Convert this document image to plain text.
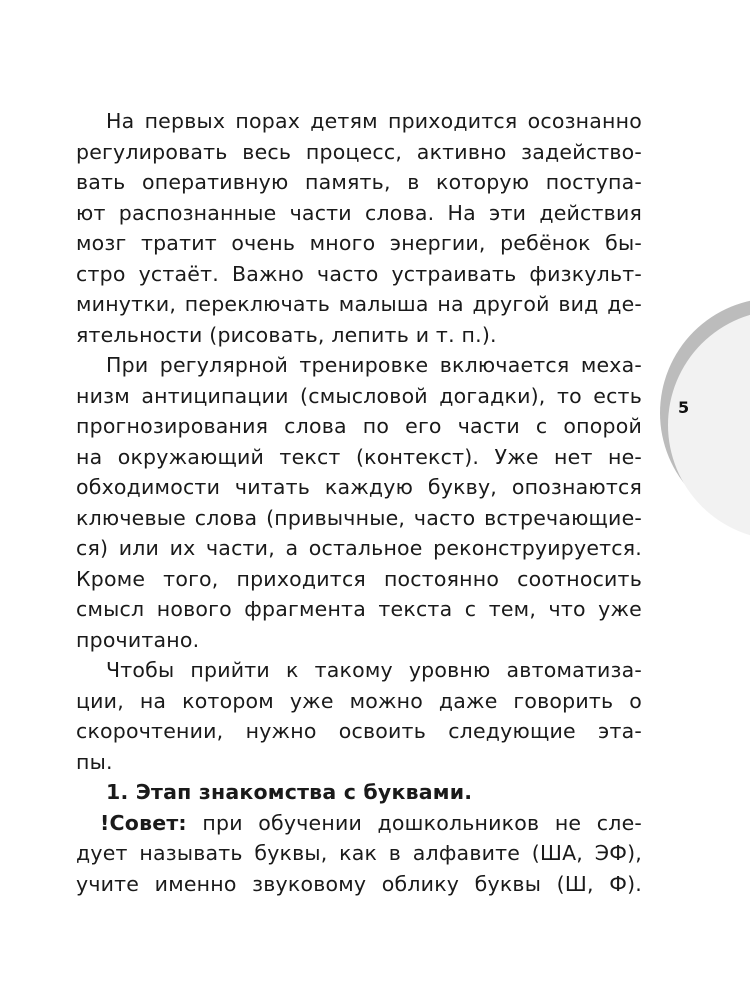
5
На первых порах детям приходится осознанно
регулировать весь процесс, активно задейство-
вать оперативную память, в которую поступа-
ют распознанные части слова. На эти действия
мозг тратит очень много энергии, ребёнок бы-
стро устаёт. Важно часто устраивать физкульт-
минутки, переключать малыша на другой вид де-
ятельности (рисовать, лепить и т. п.).
При регулярной тренировке включается меха-
низм антиципации (смысловой догадки), то есть
прогнозирования слова по его части с опорой
на окружающий текст (контекст). Уже нет не-
обходимости читать каждую букву, опознаются
ключевые слова (привычные, часто встречающие-
ся) или их части, а остальное реконструируется.
Кроме того, приходится постоянно соотносить
смысл нового фрагмента текста с тем, что уже
прочитано.
Чтобы прийти к такому уровню автоматиза-
ции, на котором уже можно даже говорить о
скорочтении, нужно освоить следующие эта-
пы.
1. Этап знакомства с буквами.
!Совет: при обучении дошкольников не сле-
дует называть буквы, как в алфавите (ША, ЭФ),
учите именно звуковому облику буквы (Ш, Ф).
